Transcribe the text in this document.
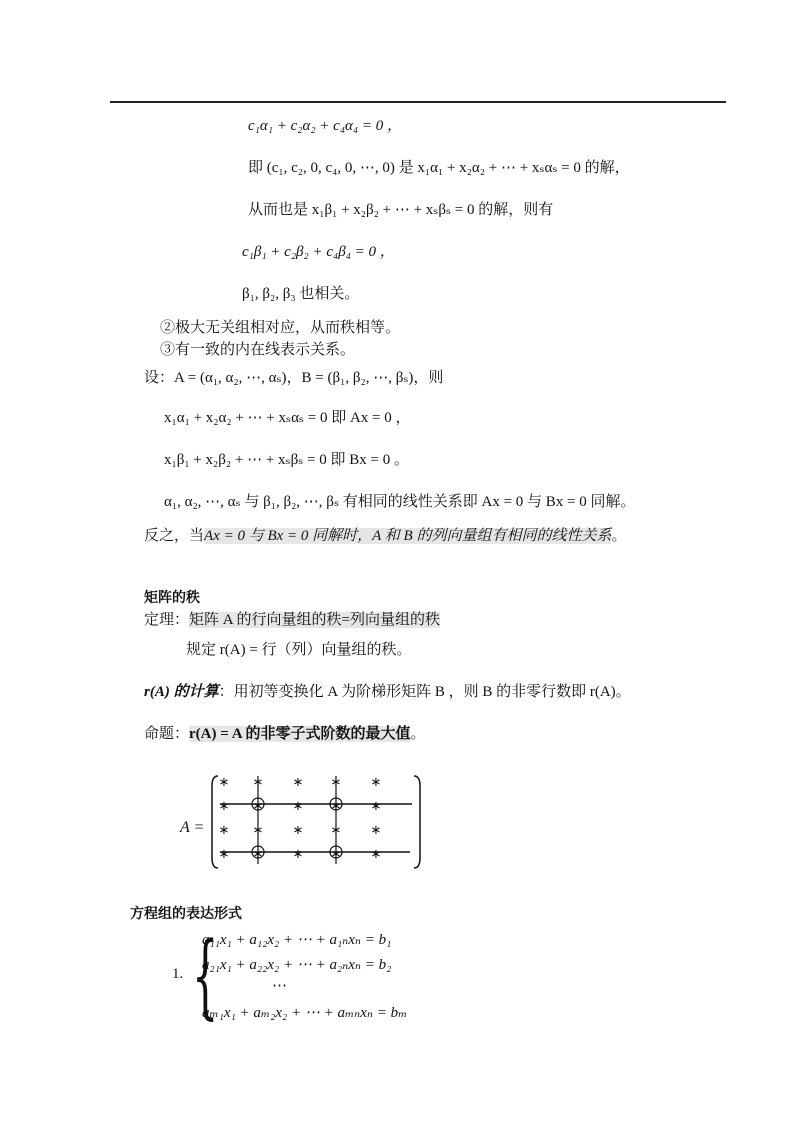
c₁α₁ + c₂α₂ + c₄α₄ = 0 ，
即 (c₁, c₂, 0, c₄, 0, ⋯, 0) 是 x₁α₁ + x₂α₂ + ⋯ + xₛαₛ = 0 的解，
从而也是 x₁β₁ + x₂β₂ + ⋯ + xₛβₛ = 0 的解，则有
c₁β₁ + c₂β₂ + c₄β₄ = 0 ，
β₁, β₂, β₃ 也相关。
②极大无关组相对应，从而秩相等。
③有一致的内在线表示关系。
设：A = (α₁, α₂, ⋯, αₛ)，B = (β₁, β₂, ⋯, βₛ)，则
x₁α₁ + x₂α₂ + ⋯ + xₛαₛ = 0 即 Ax = 0 ，
x₁β₁ + x₂β₂ + ⋯ + xₛβₛ = 0 即 Bx = 0 。
α₁, α₂, ⋯, αₛ 与 β₁, β₂, ⋯, βₛ 有相同的线性关系即 Ax = 0 与 Bx = 0 同解。
反之，当Ax = 0 与 Bx = 0 同解时，A 和 B 的列向量组有相同的线性关系。
矩阵的秩
定理：矩阵 A 的行向量组的秩=列向量组的秩
规定 r(A) = 行（列）向量组的秩。
r(A) 的计算：用初等变换化 A 为阶梯形矩阵 B ，则 B 的非零行数即 r(A)。
命题：r(A) = A 的非零子式阶数的最大值。
A =
∗ ∗ ∗ ∗ ∗
∗ ∗ ∗ ∗ ∗
∗ ∗ ∗ ∗ ∗
∗ ∗ ∗ ∗ ∗
方程组的表达形式
1. {
a₁₁x₁ + a₁₂x₂ + ⋯ + a₁ₙxₙ = b₁
a₂₁x₁ + a₂₂x₂ + ⋯ + a₂ₙxₙ = b₂
⋯
aₘ₁x₁ + aₘ₂x₂ + ⋯ + aₘₙxₙ = bₘ
